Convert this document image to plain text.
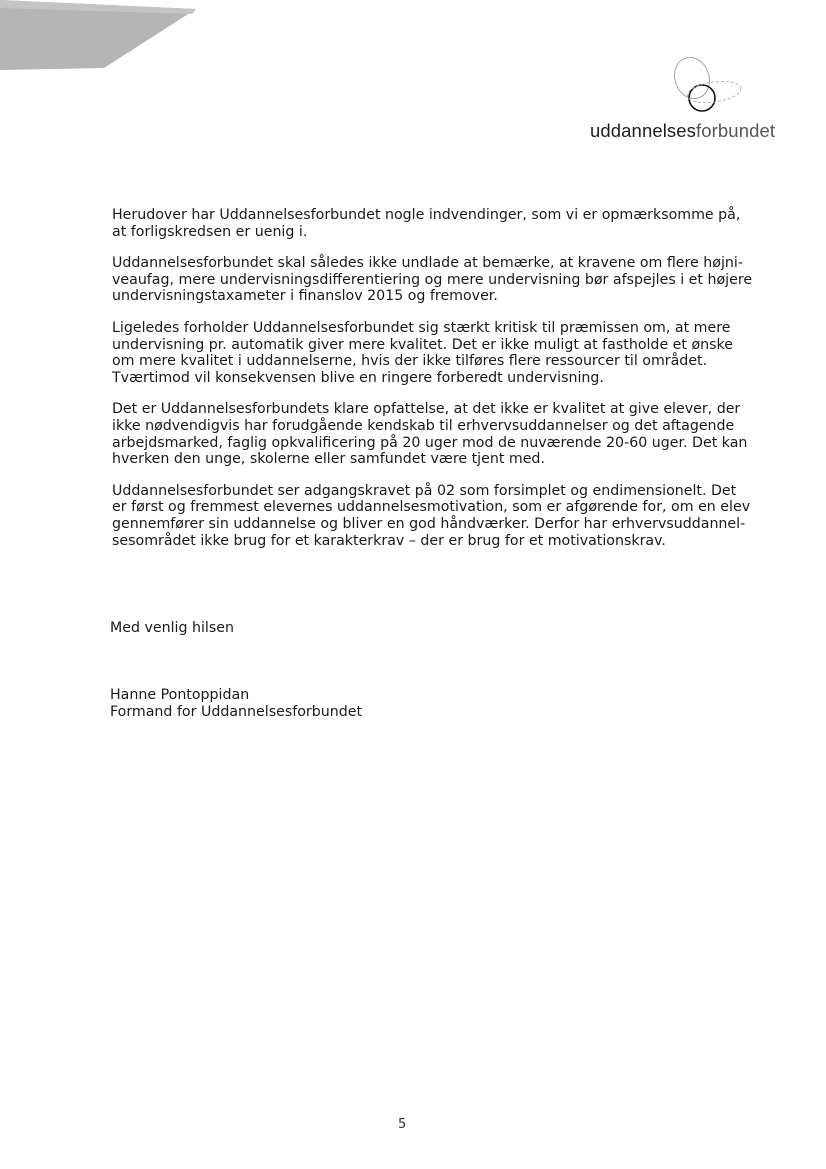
uddannelsesforbundet

Herudover har Uddannelsesforbundet nogle indvendinger, som vi er opmærksomme på,
at forligskredsen er uenig i.

Uddannelsesforbundet skal således ikke undlade at bemærke, at kravene om flere højni-
veaufag, mere undervisningsdifferentiering og mere undervisning bør afspejles i et højere
undervisningstaxameter i finanslov 2015 og fremover.

Ligeledes forholder Uddannelsesforbundet sig stærkt kritisk til præmissen om, at mere
undervisning pr. automatik giver mere kvalitet. Det er ikke muligt at fastholde et ønske
om mere kvalitet i uddannelserne, hvis der ikke tilføres flere ressourcer til området.
Tværtimod vil konsekvensen blive en ringere forberedt undervisning.

Det er Uddannelsesforbundets klare opfattelse, at det ikke er kvalitet at give elever, der
ikke nødvendigvis har forudgående kendskab til erhvervsuddannelser og det aftagende
arbejdsmarked, faglig opkvalificering på 20 uger mod de nuværende 20-60 uger. Det kan
hverken den unge, skolerne eller samfundet være tjent med.

Uddannelsesforbundet ser adgangskravet på 02 som forsimplet og endimensionelt. Det
er først og fremmest elevernes uddannelsesmotivation, som er afgørende for, om en elev
gennemfører sin uddannelse og bliver en god håndværker. Derfor har erhvervsuddannel-
sesområdet ikke brug for et karakterkrav – der er brug for et motivationskrav.

Med venlig hilsen
Hanne Pontoppidan
Formand for Uddannelsesforbundet
5
